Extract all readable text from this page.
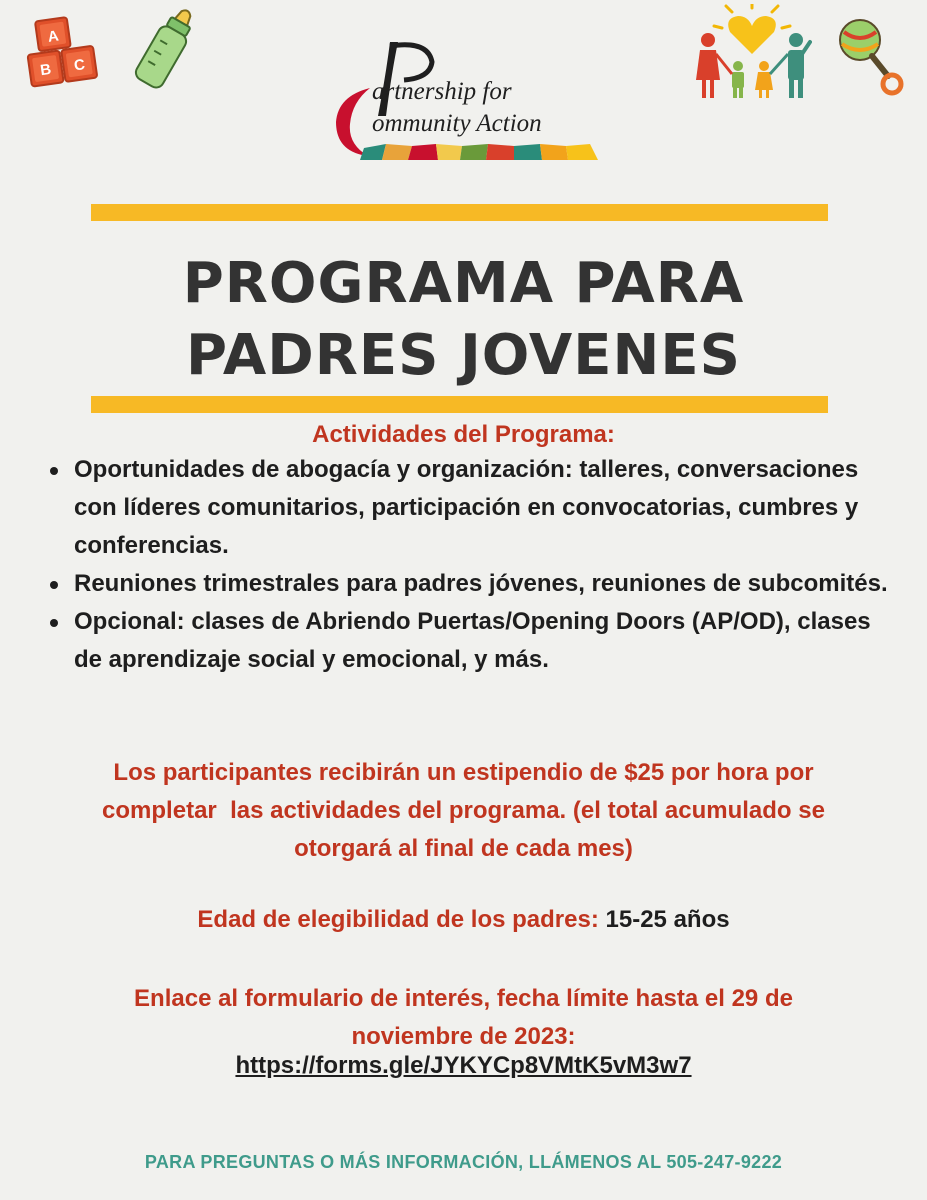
A
B C
artnership for
ommunity Action
PROGRAMA PARA
PADRES JOVENES
Actividades del Programa:
Oportunidades de abogacía y organización: talleres, conversaciones con líderes comunitarios, participación en convocatorias, cumbres y conferencias.
Reuniones trimestrales para padres jóvenes, reuniones de subcomités.
Opcional: clases de Abriendo Puertas/Opening Doors (AP/OD), clases de aprendizaje social y emocional, y más.
Los participantes recibirán un estipendio de $25 por hora por
completar  las actividades del programa. (el total acumulado se
otorgará al final de cada mes)
Edad de elegibilidad de los padres: 15-25 años
Enlace al formulario de interés, fecha límite hasta el 29 de
noviembre de 2023:
https://forms.gle/JYKYCp8VMtK5vM3w7
PARA PREGUNTAS O MÁS INFORMACIÓN, LLÁMENOS AL 505-247-9222
